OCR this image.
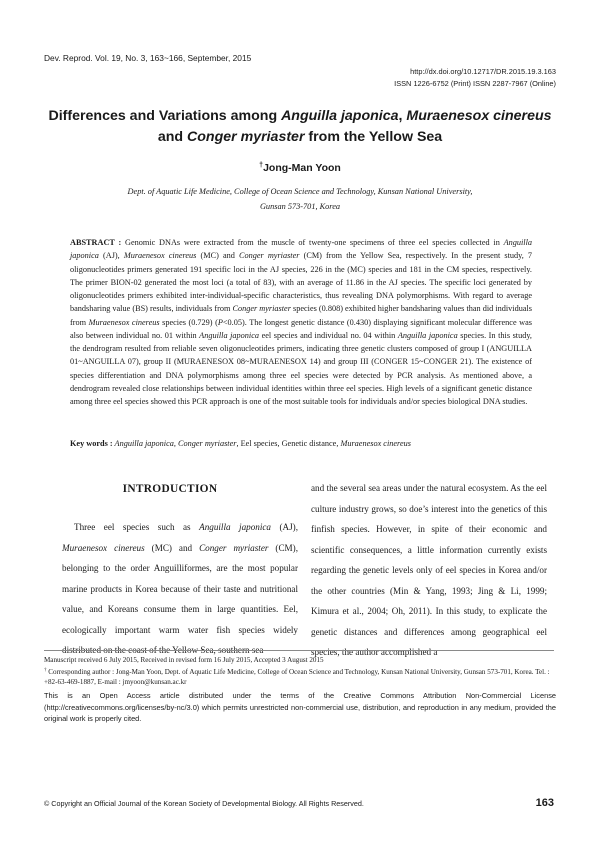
Dev. Reprod. Vol. 19, No. 3, 163~166, September, 2015
http://dx.doi.org/10.12717/DR.2015.19.3.163
ISSN 1226-6752 (Print) ISSN 2287-7967 (Online)
Differences and Variations among Anguilla japonica, Muraenesox cinereus
and Conger myriaster from the Yellow Sea
†Jong-Man Yoon
Dept. of Aquatic Life Medicine, College of Ocean Science and Technology, Kunsan National University,
Gunsan 573-701, Korea

ABSTRACT : Genomic DNAs were extracted from the muscle of twenty-one specimens of three eel species collected in Anguilla japonica (AJ), Muraenesox cinereus (MC) and Conger myriaster (CM) from the Yellow Sea, respectively. In the present study, 7 oligonucleotides primers generated 191 specific loci in the AJ species, 226 in the (MC) species and 181 in the CM species, respectively. The primer BION-02 generated the most loci (a total of 83), with an average of 11.86 in the AJ species. The specific loci generated by oligonucleotides primers exhibited inter-individual-specific characteristics, thus revealing DNA polymorphisms. With regard to average bandsharing value (BS) results, individuals from Conger myriaster species (0.808) exhibited higher bandsharing values than did individuals from Muraenesox cinereus species (0.729) (P<0.05). The longest genetic distance (0.430) displaying significant molecular difference was also between individual no. 01 within Anguilla japonica eel species and individual no. 04 within Anguilla japonica species. In this study, the dendrogram resulted from reliable seven oligonucleotides primers, indicating three genetic clusters composed of group I (ANGUILLA 01~ANGUILLA 07), group II (MURAENESOX 08~MURAENESOX 14) and group III (CONGER 15~CONGER 21). The existence of species differentiation and DNA polymorphisms among three eel species were detected by PCR analysis. As mentioned above, a dendrogram revealed close relationships between individual identities within three eel species. High levels of a significant genetic distance among three eel species showed this PCR approach is one of the most suitable tools for individuals and/or species biological DNA studies.

Key words : Anguilla japonica, Conger myriaster, Eel species, Genetic distance, Muraenesox cinereus

INTRODUCTION

Three eel species such as Anguilla japonica (AJ), Muraenesox cinereus (MC) and Conger myriaster (CM), belonging to the order Anguilliformes, are the most popular marine products in Korea because of their taste and nutritional value, and Koreans consume them in large quantities. Eel, ecologically important warm water fish species widely distributed on the coast of the Yellow Sea, southern sea

and the several sea areas under the natural ecosystem. As the eel culture industry grows, so doe’s interest into the genetics of this finfish species. However, in spite of their economic and scientific consequences, a little information currently exists regarding the genetic levels only of eel species in Korea and/or the other countries (Min & Yang, 1993; Jing & Li, 1999; Kimura et al., 2004; Oh, 2011). In this study, to explicate the genetic distances and differences among geographical eel species, the author accomplished a

Manuscript received 6 July 2015, Received in revised form 16 July 2015, Accepted 3 August 2015

† Corresponding author : Jong-Man Yoon, Dept. of Aquatic Life Medicine, College of Ocean Science and Technology, Kunsan National University, Gunsan 573-701, Korea. Tel. : +82-63-469-1887, E-mail : jmyoon@kunsan.ac.kr

This is an Open Access article distributed under the terms of the Creative Commons Attribution Non-Commercial License (http://creativecommons.org/licenses/by-nc/3.0) which permits unrestricted non-commercial use, distribution, and reproduction in any medium, provided the original work is properly cited.

© Copyright an Official Journal of the Korean Society of Developmental Biology. All Rights Reserved.	163
